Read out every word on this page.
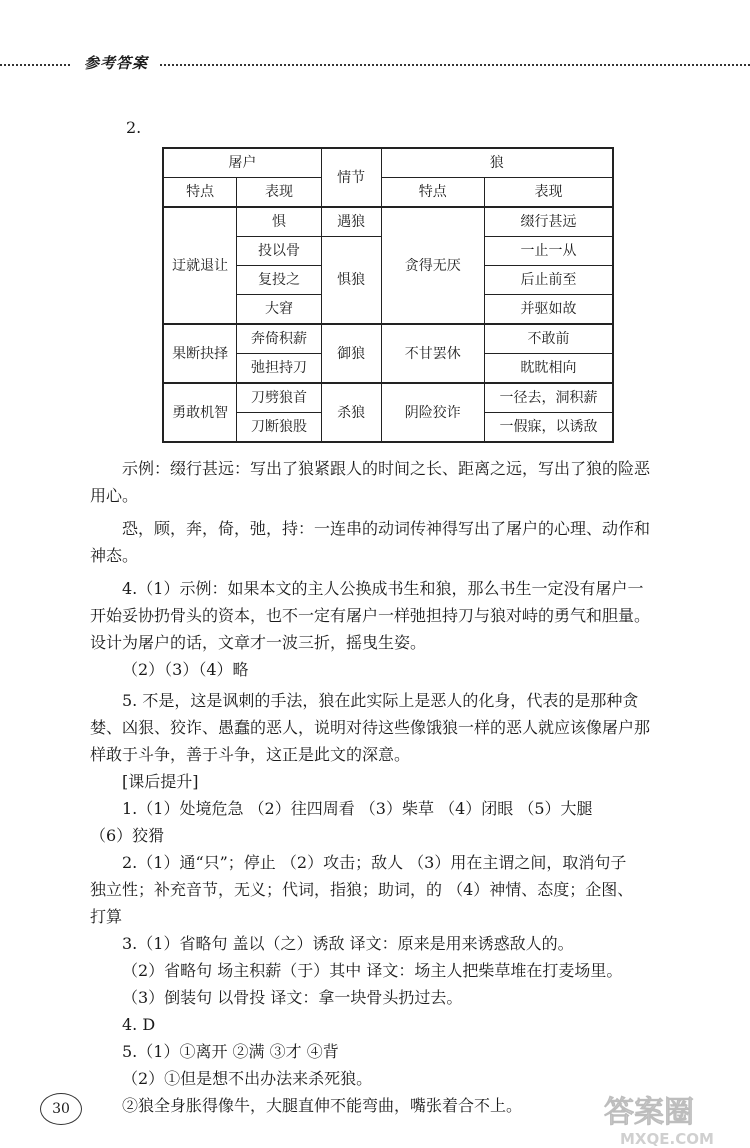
参考答案
2.
屠户		情节	狼	
特点	表现		特点	表现
迂就退让	惧	遇狼	贪得无厌	缀行甚远
	投以骨	惧狼		一止一从
	复投之			后止前至
	大窘			并驱如故
果断抉择	奔倚积薪	御狼	不甘罢休	不敢前
	弛担持刀			眈眈相向
勇敢机智	刀劈狼首	杀狼	阴险狡诈	一径去，洞积薪
	刀断狼股			一假寐，以诱敌

示例：缀行甚远：写出了狼紧跟人的时间之长、距离之远，写出了狼的险恶

用心。

恐，顾，奔，倚，弛，持：一连串的动词传神得写出了屠户的心理、动作和

神态。

4.（1）示例：如果本文的主人公换成书生和狼，那么书生一定没有屠户一

开始妥协扔骨头的资本，也不一定有屠户一样弛担持刀与狼对峙的勇气和胆量。

设计为屠户的话，文章才一波三折，摇曳生姿。

（2）（3）（4）略

5. 不是，这是讽刺的手法，狼在此实际上是恶人的化身，代表的是那种贪

婪、凶狠、狡诈、愚蠢的恶人，说明对待这些像饿狼一样的恶人就应该像屠户那

样敢于斗争，善于斗争，这正是此文的深意。

[课后提升]

1.（1）处境危急 （2）往四周看 （3）柴草 （4）闭眼 （5）大腿

（6）狡猾

2.（1）通“只”；停止 （2）攻击；敌人 （3）用在主谓之间，取消句子

独立性；补充音节，无义；代词，指狼；助词，的 （4）神情、态度；企图、

打算

3.（1）省略句 盖以（之）诱敌 译文：原来是用来诱惑敌人的。

（2）省略句 场主积薪（于）其中 译文：场主人把柴草堆在打麦场里。

（3）倒装句 以骨投 译文：拿一块骨头扔过去。

4. D

5.（1）①离开 ②满 ③才 ④背

（2）①但是想不出办法来杀死狼。

②狼全身胀得像牛，大腿直伸不能弯曲，嘴张着合不上。

30	答案圈
MXQE.COM
